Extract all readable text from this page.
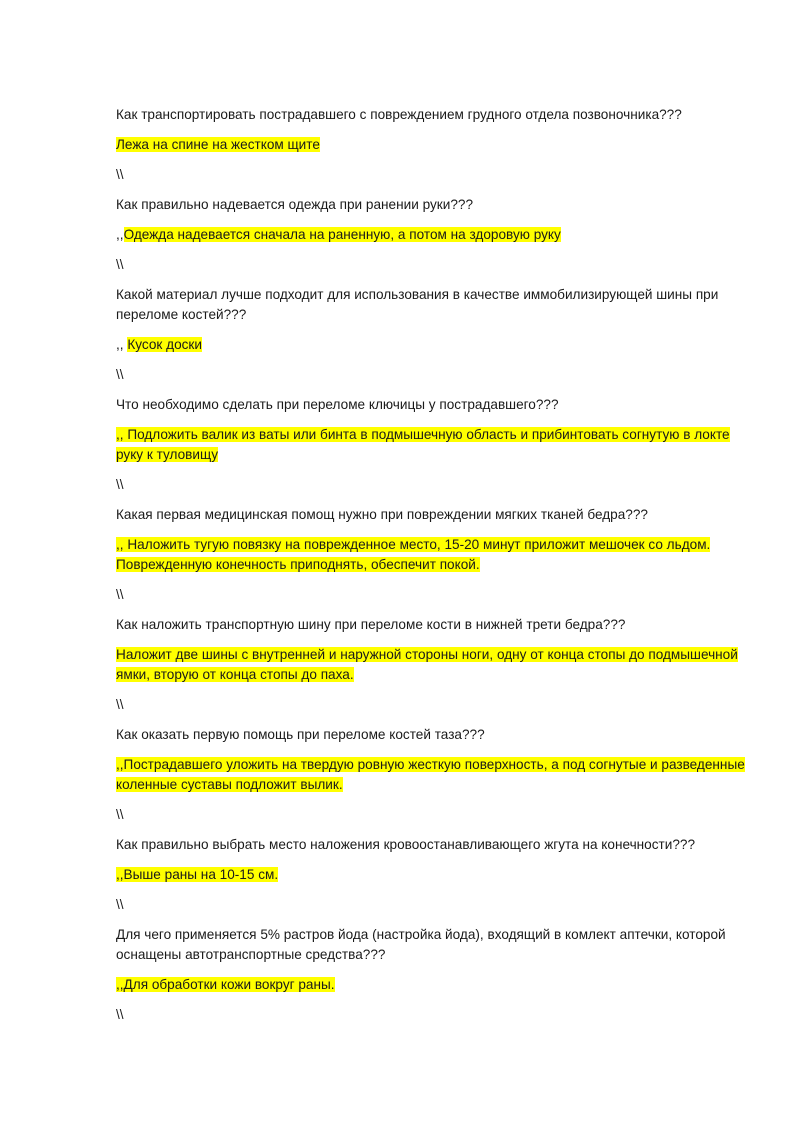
Как транспортировать пострадавшего с повреждением грудного отдела позвоночника???

Лежа на спине на жестком щите

\\

Как правильно надевается одежда при ранении руки???

,,Одежда надевается сначала на раненную, а потом на здоровую руку

\\

Какой материал лучше подходит для использования в качестве иммобилизирующей шины при переломе костей???

,, Кусок доски

\\

Что необходимо сделать при переломе ключицы у пострадавшего???

,, Подложить валик из ваты или бинта в подмышечную область и прибинтовать согнутую в локте руку к туловищу

\\

Какая первая медицинская помощ нужно при повреждении мягких тканей бедра???

,, Наложить тугую повязку на поврежденное место, 15-20 минут приложит мешочек со льдом. Поврежденную конечность приподнять, обеспечит покой.

\\

Как наложить транспортную шину при переломе кости в нижней трети бедра???

Наложит две шины с внутренней и наружной стороны ноги, одну от конца стопы до подмышечной ямки, вторую от конца стопы до паха.

\\

Как оказать первую помощь при переломе костей таза???

,,Пострадавшего уложить на твердую ровную жесткую поверхность, а под согнутые и разведенные коленные суставы подложит вылик.

\\

Как правильно выбрать место наложения кровоостанавливающего жгута на конечности???

,,Выше раны на 10-15 см.

\\

Для чего применяется 5% растров йода (настройка йода), входящий в комлект аптечки, которой оснащены автотранспортные средства???

,,Для обработки кожи вокруг раны.

\\
